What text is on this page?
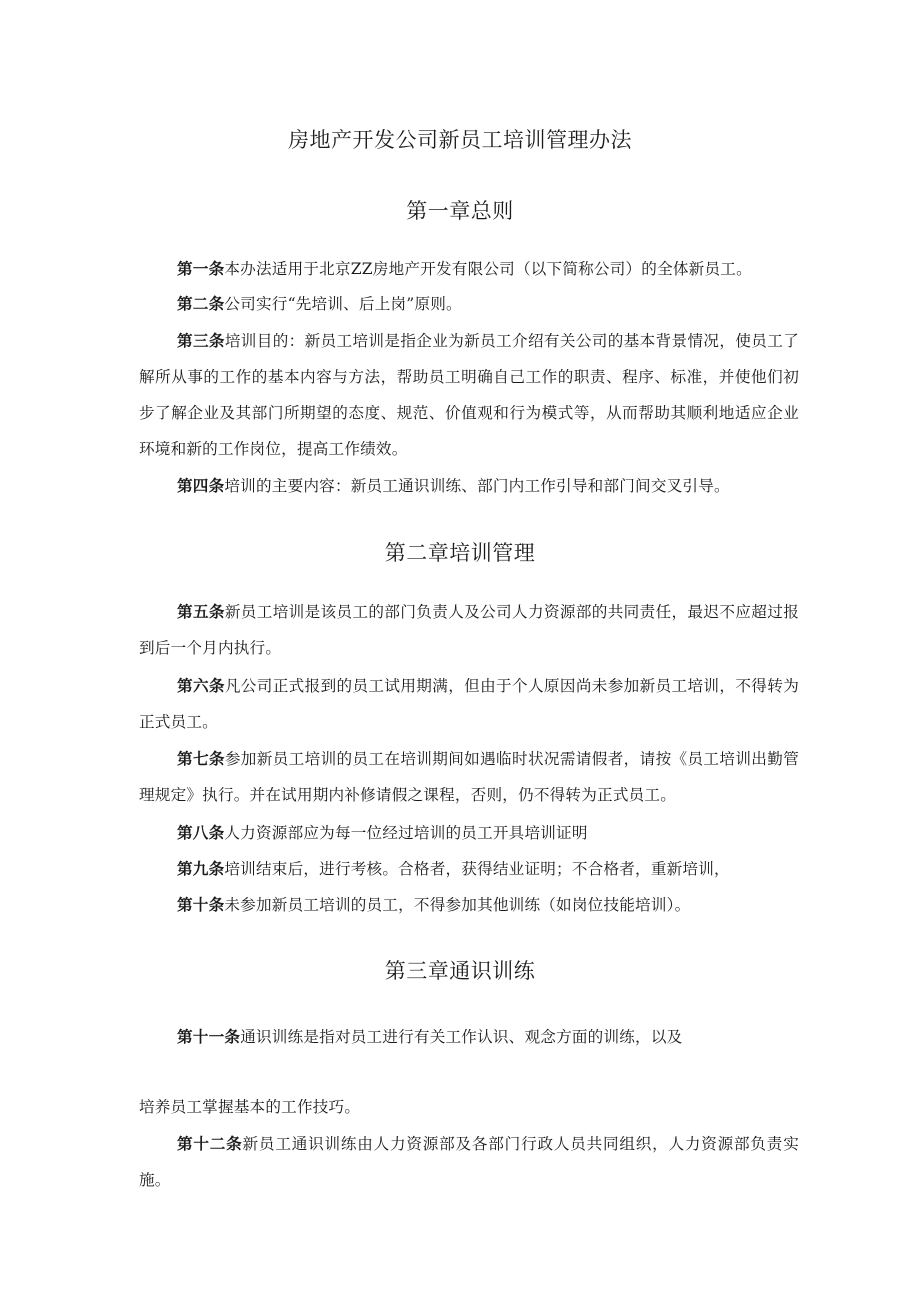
房地产开发公司新员工培训管理办法
第一章总则
第一条本办法适用于北京ZZ房地产开发有限公司（以下简称公司）的全体新员工。
第二条公司实行“先培训、后上岗”原则。
第三条培训目的：新员工培训是指企业为新员工介绍有关公司的基本背景情况，使员工了解所从事的工作的基本内容与方法，帮助员工明确自己工作的职责、程序、标准，并使他们初步了解企业及其部门所期望的态度、规范、价值观和行为模式等，从而帮助其顺利地适应企业环境和新的工作岗位，提高工作绩效。
第四条培训的主要内容：新员工通识训练、部门内工作引导和部门间交叉引导。
第二章培训管理
第五条新员工培训是该员工的部门负责人及公司人力资源部的共同责任，最迟不应超过报到后一个月内执行。
第六条凡公司正式报到的员工试用期满，但由于个人原因尚未参加新员工培训，不得转为正式员工。
第七条参加新员工培训的员工在培训期间如遇临时状况需请假者，请按《员工培训出勤管理规定》执行。并在试用期内补修请假之课程，否则，仍不得转为正式员工。
第八条人力资源部应为每一位经过培训的员工开具培训证明
第九条培训结束后，进行考核。合格者，获得结业证明；不合格者，重新培训，
第十条未参加新员工培训的员工，不得参加其他训练（如岗位技能培训）。
第三章通识训练
第十一条通识训练是指对员工进行有关工作认识、观念方面的训练，以及
培养员工掌握基本的工作技巧。
第十二条新员工通识训练由人力资源部及各部门行政人员共同组织，人力资源部负责实施。
